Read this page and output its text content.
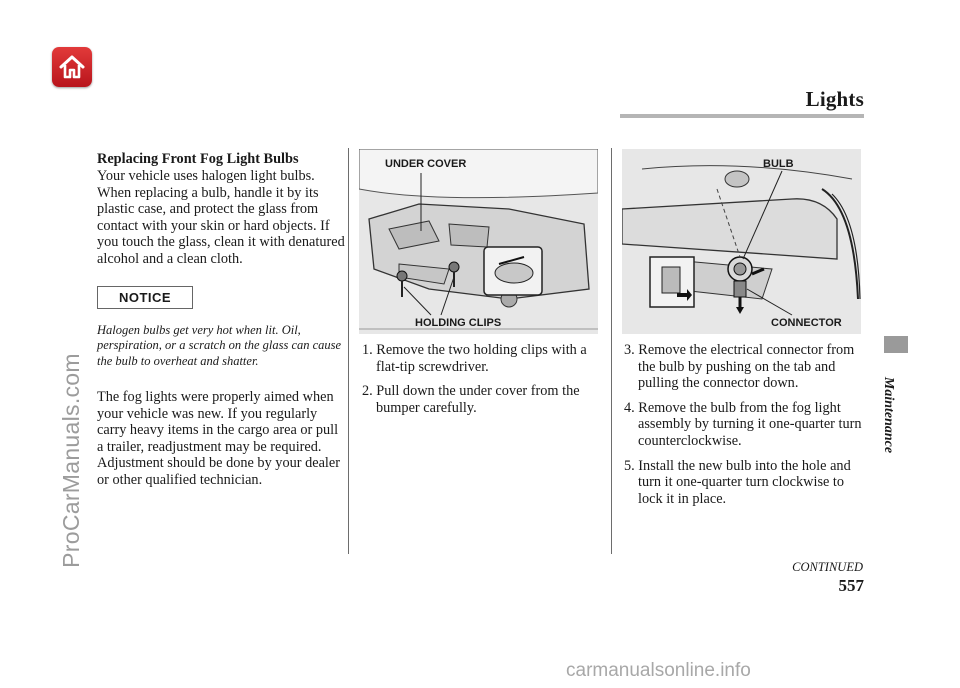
Lights
Maintenance
ProCarManuals.com
Replacing Front Fog Light Bulbs

Your vehicle uses halogen light bulbs. When replacing a bulb, handle it by its plastic case, and protect the glass from contact with your skin or hard objects. If you touch the glass, clean it with denatured alcohol and a clean cloth.

NOTICE

Halogen bulbs get very hot when lit. Oil, perspiration, or a scratch on the glass can cause the bulb to overheat and shatter.

The fog lights were properly aimed when your vehicle was new. If you regularly carry heavy items in the cargo area or pull a trailer, readjustment may be required. Adjustment should be done by your dealer or other qualified technician.

UNDER COVER
HOLDING CLIPS
BULB
CONNECTOR
1. Remove the two holding clips with a flat-tip screwdriver.
2. Pull down the under cover from the bumper carefully.
3. Remove the electrical connector from the bulb by pushing on the tab and pulling the connector down.
4. Remove the bulb from the fog light assembly by turning it one-quarter turn counterclockwise.
5. Install the new bulb into the hole and turn it one-quarter turn clockwise to lock it in place.
CONTINUED
557
carmanualsonline.info
